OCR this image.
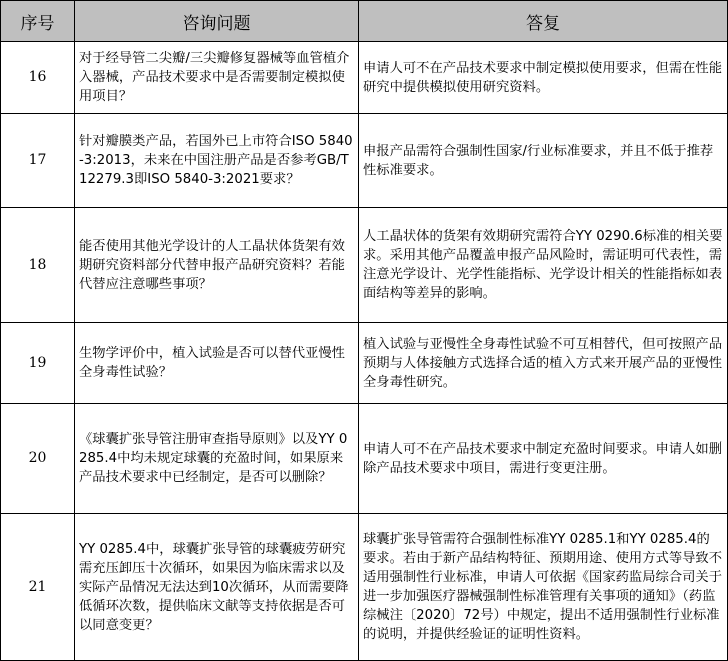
序号	咨询问题	答复
16	对于经导管二尖瓣/三尖瓣修复器械等血管植介入器械，产品技术要求中是否需要制定模拟使用项目？	申请人可不在产品技术要求中制定模拟使用要求，但需在性能研究中提供模拟使用研究资料。
17	针对瓣膜类产品，若国外已上市符合ISO 5840-3:2013，未来在中国注册产品是否参考GB/T 12279.3即ISO 5840-3:2021要求？	申报产品需符合强制性国家/行业标准要求，并且不低于推荐性标准要求。
18	能否使用其他光学设计的人工晶状体货架有效期研究资料部分代替申报产品研究资料？若能代替应注意哪些事项？	人工晶状体的货架有效期研究需符合YY 0290.6标准的相关要求。采用其他产品覆盖申报产品风险时，需证明可代表性，需注意光学设计、光学性能指标、光学设计相关的性能指标如表面结构等差异的影响。
19	生物学评价中，植入试验是否可以替代亚慢性全身毒性试验？	植入试验与亚慢性全身毒性试验不可互相替代，但可按照产品预期与人体接触方式选择合适的植入方式来开展产品的亚慢性全身毒性研究。
20	《球囊扩张导管注册审查指导原则》以及YY 0285.4中均未规定球囊的充盈时间，如果原来产品技术要求中已经制定，是否可以删除？	申请人可不在产品技术要求中制定充盈时间要求。申请人如删除产品技术要求中项目，需进行变更注册。
21	YY 0285.4中，球囊扩张导管的球囊疲劳研究需充压卸压十次循环，如果因为临床需求以及实际产品情况无法达到10次循环，从而需要降低循环次数，提供临床文献等支持依据是否可以同意变更？	球囊扩张导管需符合强制性标准YY 0285.1和YY 0285.4的要求。若由于新产品结构特征、预期用途、使用方式等导致不适用强制性行业标准，申请人可依据《国家药监局综合司关于进一步加强医疗器械强制性标准管理有关事项的通知》（药监综械注〔2020〕72号）中规定，提出不适用强制性行业标准的说明，并提供经验证的证明性资料。
